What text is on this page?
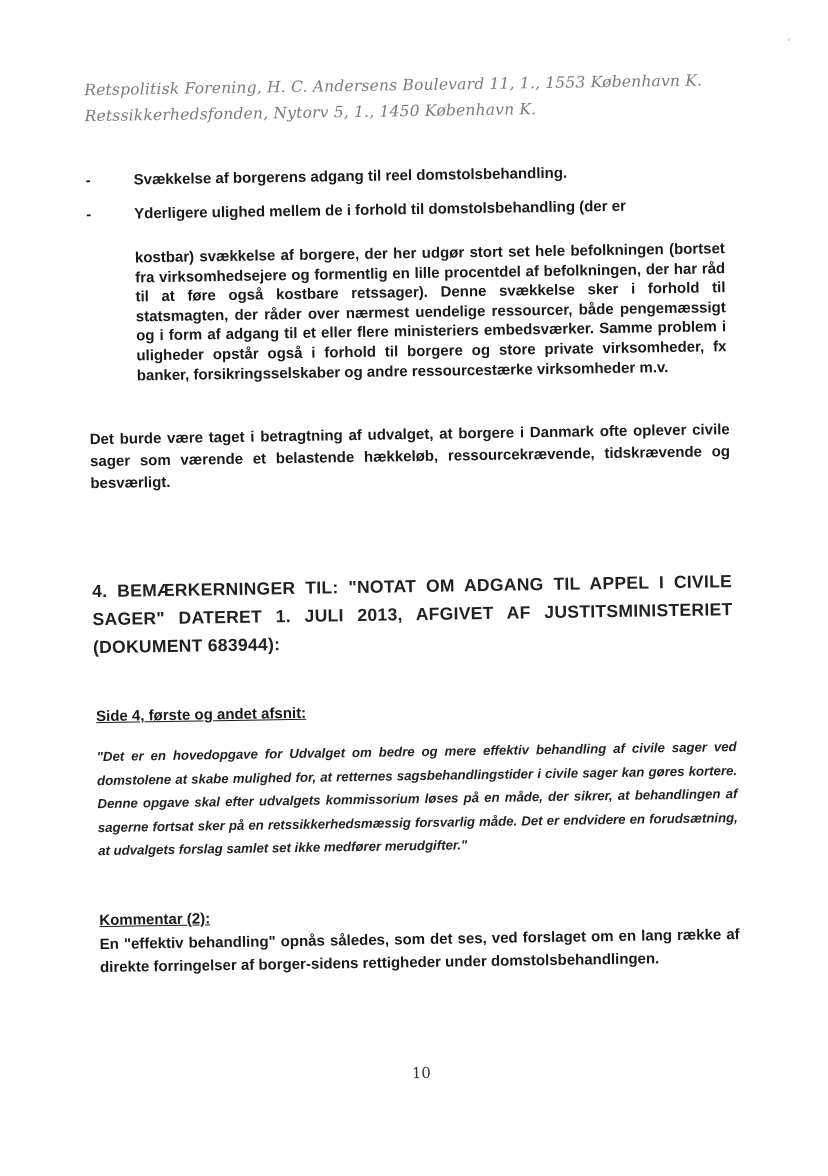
'
Retspolitisk Forening, H. C. Andersens Boulevard 11, 1., 1553 København K.
Retssikkerhedsfonden, Nytorv 5, 1., 1450 København K.
-	Svækkelse af borgerens adgang til reel domstolsbehandling.
-	Yderligere ulighed mellem de i forhold til domstolsbehandling (der er
kostbar) svækkelse af borgere, der her udgør stort set hele befolkningen (bortset fra virksomhedsejere og formentlig en lille procentdel af befolkningen, der har råd til at føre også kostbare retssager). Denne svækkelse sker i forhold til statsmagten, der råder over nærmest uendelige ressourcer, både pengemæssigt og i form af adgang til et eller flere ministeriers embedsværker. Samme problem i uligheder opstår også i forhold til borgere og store private virksomheder, fx banker, forsikringsselskaber og andre ressourcestærke virksomheder m.v.
Det burde være taget i betragtning af udvalget, at borgere i Danmark ofte oplever civile sager som værende et belastende hækkeløb, ressourcekrævende, tidskrævende og besværligt.
4. BEMÆRKERNINGER TIL: "NOTAT OM ADGANG TIL APPEL I CIVILE SAGER" DATERET 1. JULI 2013, AFGIVET AF JUSTITSMINISTERIET (DOKUMENT 683944):
Side 4, første og andet afsnit:
"Det er en hovedopgave for Udvalget om bedre og mere effektiv behandling af civile sager ved domstolene at skabe mulighed for, at retternes sagsbehandlingstider i civile sager kan gøres kortere. Denne opgave skal efter udvalgets kommissorium løses på en måde, der sikrer, at behandlingen af sagerne fortsat sker på en retssikkerhedsmæssig forsvarlig måde. Det er endvidere en forudsætning, at udvalgets forslag samlet set ikke medfører merudgifter."
Kommentar (2):
En "effektiv behandling" opnås således, som det ses, ved forslaget om en lang række af direkte forringelser af borger-sidens rettigheder under domstolsbehandlingen.
10
